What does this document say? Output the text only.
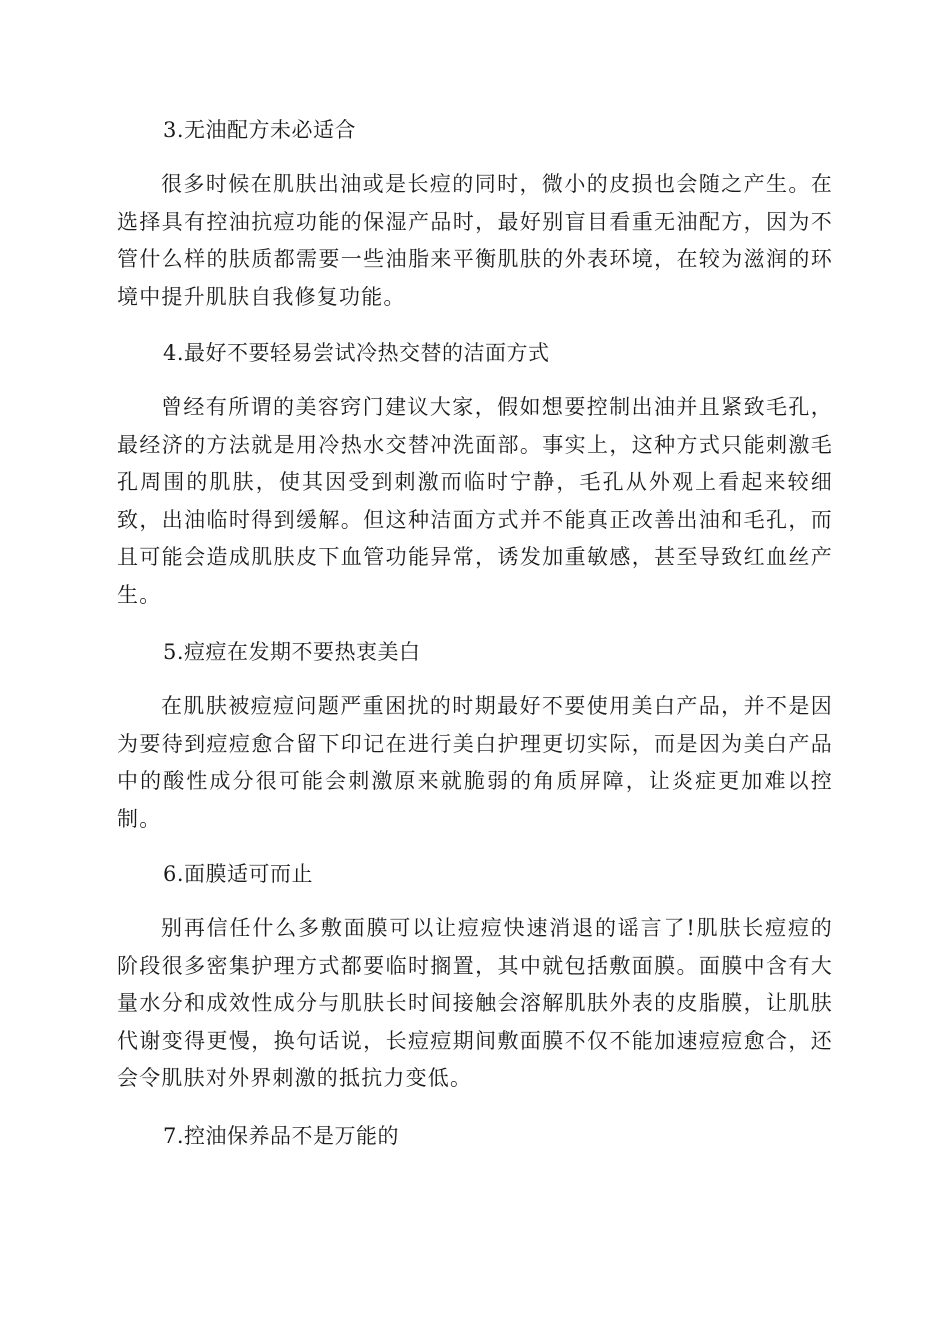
3.无油配方未必适合
很多时候在肌肤出油或是长痘的同时，微小的皮损也会随之产生。在选择具有控油抗痘功能的保湿产品时，最好别盲目看重无油配方，因为不管什么样的肤质都需要一些油脂来平衡肌肤的外表环境，在较为滋润的环境中提升肌肤自我修复功能。
4.最好不要轻易尝试冷热交替的洁面方式
曾经有所谓的美容窍门建议大家，假如想要控制出油并且紧致毛孔，最经济的方法就是用冷热水交替冲洗面部。事实上，这种方式只能刺激毛孔周围的肌肤，使其因受到刺激而临时宁静，毛孔从外观上看起来较细致，出油临时得到缓解。但这种洁面方式并不能真正改善出油和毛孔，而且可能会造成肌肤皮下血管功能异常，诱发加重敏感，甚至导致红血丝产生。
5.痘痘在发期不要热衷美白
在肌肤被痘痘问题严重困扰的时期最好不要使用美白产品，并不是因为要待到痘痘愈合留下印记在进行美白护理更切实际，而是因为美白产品中的酸性成分很可能会刺激原来就脆弱的角质屏障，让炎症更加难以控制。
6.面膜适可而止
别再信任什么多敷面膜可以让痘痘快速消退的谣言了!肌肤长痘痘的阶段很多密集护理方式都要临时搁置，其中就包括敷面膜。面膜中含有大量水分和成效性成分与肌肤长时间接触会溶解肌肤外表的皮脂膜，让肌肤代谢变得更慢，换句话说，长痘痘期间敷面膜不仅不能加速痘痘愈合，还会令肌肤对外界刺激的抵抗力变低。
7.控油保养品不是万能的
